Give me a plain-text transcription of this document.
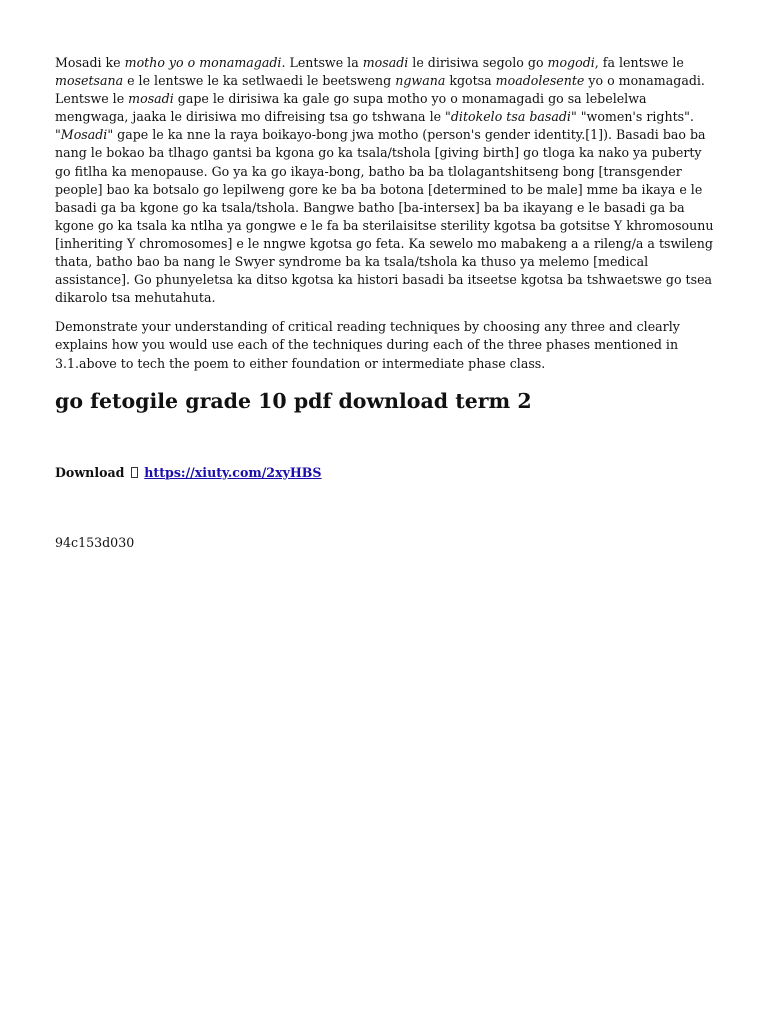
Mosadi ke motho yo o monamagadi. Lentswe la mosadi le dirisiwa segolo go mogodi, fa lentswe le mosetsana e le lentswe le ka setlwaedi le beetsweng ngwana kgotsa moadolesente yo o monamagadi. Lentswe le mosadi gape le dirisiwa ka gale go supa motho yo o monamagadi go sa lebelelwa mengwaga, jaaka le dirisiwa mo difreising tsa go tshwana le "ditokelo tsa basadi" "women's rights". "Mosadi" gape le ka nne la raya boikayo-bong jwa motho (person's gender identity.[1]). Basadi bao ba nang le bokao ba tlhago gantsi ba kgona go ka tsala/tshola [giving birth] go tloga ka nako ya puberty go fitlha ka menopause. Go ya ka go ikaya-bong, batho ba ba tlolagantshitseng bong [transgender people] bao ka botsalo go lepilweng gore ke ba ba botona [determined to be male] mme ba ikaya e le basadi ga ba kgone go ka tsala/tshola. Bangwe batho [ba-intersex] ba ba ikayang e le basadi ga ba kgone go ka tsala ka ntlha ya gongwe e le fa ba sterilaisitse sterility kgotsa ba gotsitse Y khromosounu [inheriting Y chromosomes] e le nngwe kgotsa go feta. Ka sewelo mo mabakeng a a rileng/a a tswileng thata, batho bao ba nang le Swyer syndrome ba ka tsala/tshola ka thuso ya melemo [medical assistance]. Go phunyeletsa ka ditso kgotsa ka histori basadi ba itseetse kgotsa ba tshwaetswe go tsea dikarolo tsa mehutahuta.

Demonstrate your understanding of critical reading techniques by choosing any three and clearly explains how you would use each of the techniques during each of the three phases mentioned in 3.1.above to tech the poem to either foundation or intermediate phase class.

go fetogile grade 10 pdf download term 2
Download https://xiuty.com/2xyHBS
94c153d030
